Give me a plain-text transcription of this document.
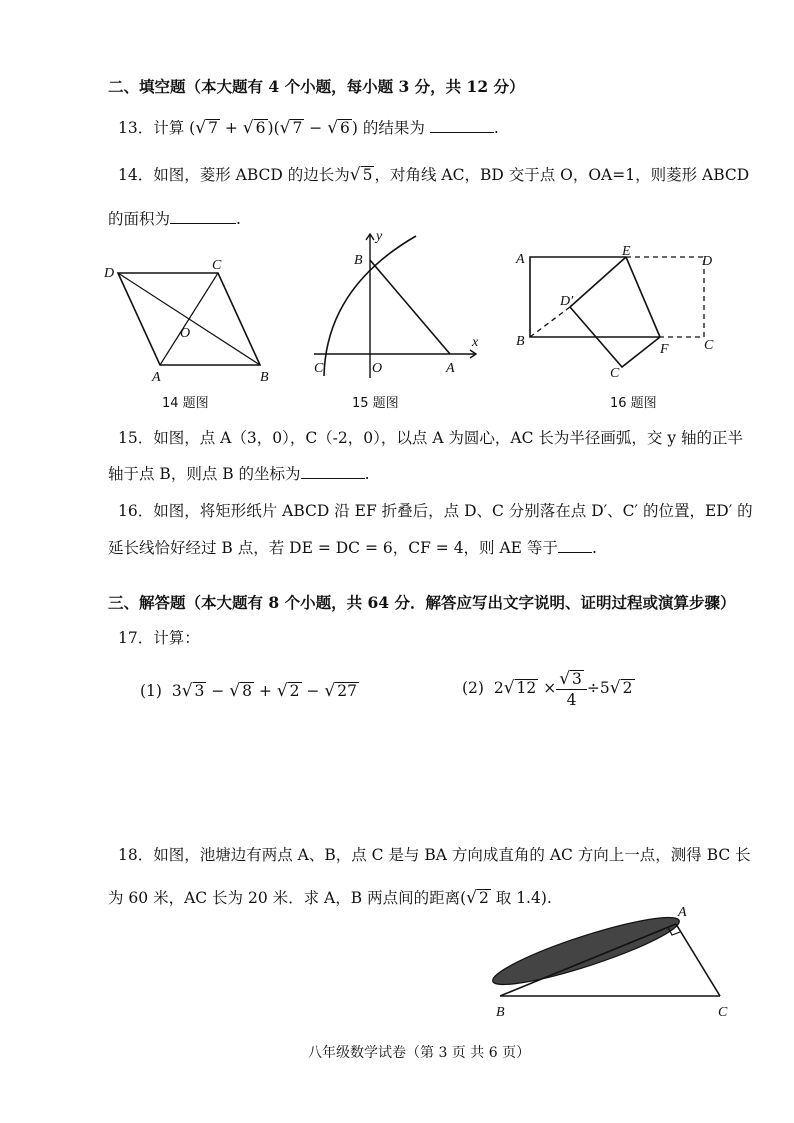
二、填空题（本大题有 4 个小题，每小题 3 分，共 12 分）
13．计算 (√ 7 + √ 6 )(√ 7 − √ 6 ) 的结果为	.
14．如图，菱形 ABCD 的边长为√ 5 ，对角线 AC，BD 交于点 O，OA=1，则菱形 ABCD
的面积为	.
D
C
O
A	B
14 题图
y
B
x
C	O	A
15 题图
A
E
D
D′
B
F	C
C
16 题图
15．如图，点 A（3，0），C（-2，0），以点 A 为圆心，AC 长为半径画弧，交 y 轴的正半
轴于点 B，则点 B 的坐标为	.
16．如图，将矩形纸片 ABCD 沿 EF 折叠后，点 D、C 分别落在点 D′、C′ 的位置，ED′ 的
延长线恰好经过 B 点，若 DE = DC = 6，CF = 4，则 AE 等于 .
三、解答题（本大题有 8 个小题，共 64 分．解答应写出文字说明、证明过程或演算步骤）
17．计算：
(1) 3√ 3 − √ 8 + √ 2 − √ 27	(2) 2√ $12 \times \frac{√ 3}{4} \div 5√$ 2
18．如图，池塘边有两点 A、B，点 C 是与 BA 方向成直角的 AC 方向上一点，测得 BC 长
为 60 米，AC 长为 20 米．求 A，B 两点间的距离(√ 2 取 1.4).
A
B	C
八年级数学试卷（第 3 页 共 6 页）
